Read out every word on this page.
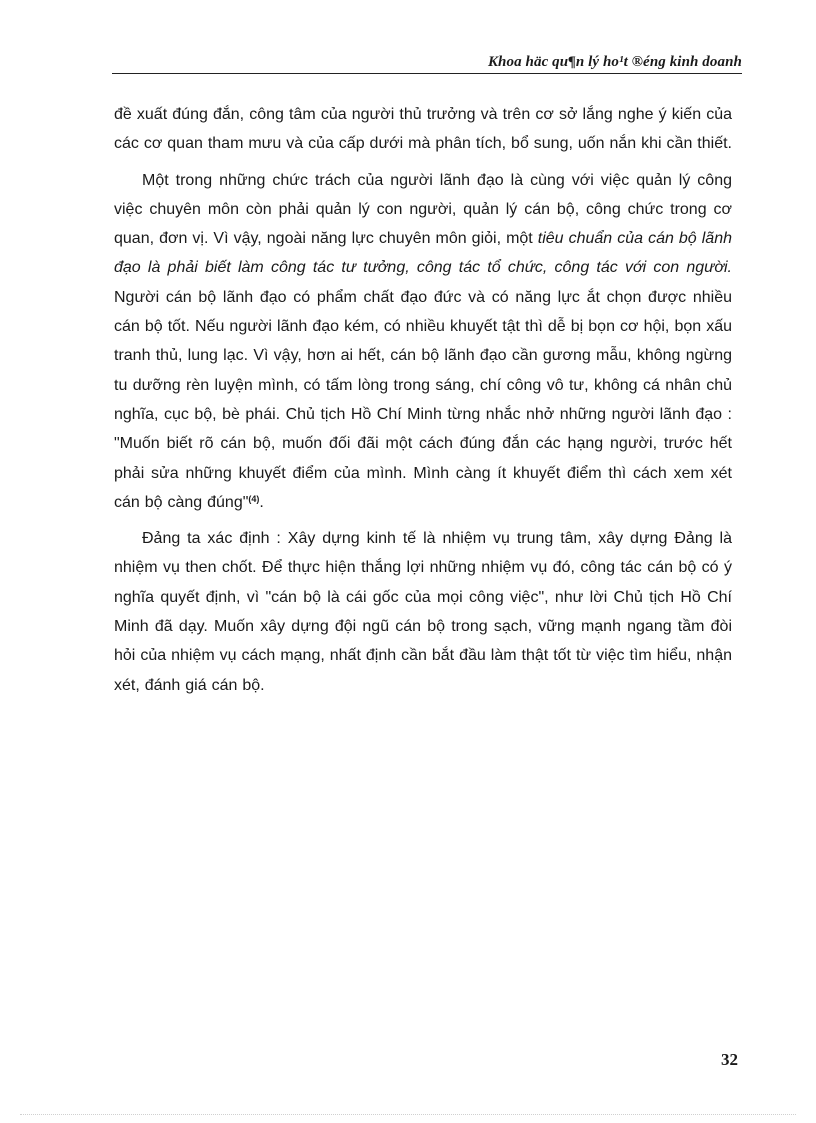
Khoa häc qu¶n lý ho¹t ®éng kinh doanh

đề xuất đúng đắn, công tâm của người thủ trưởng và trên cơ sở lắng nghe ý kiến của các cơ quan tham mưu và của cấp dưới mà phân tích, bổ sung, uốn nắn khi cần thiết.

Một trong những chức trách của người lãnh đạo là cùng với việc quản lý công việc chuyên môn còn phải quản lý con người, quản lý cán bộ, công chức trong cơ quan, đơn vị. Vì vậy, ngoài năng lực chuyên môn giỏi, một tiêu chuẩn của cán bộ lãnh đạo là phải biết làm công tác tư tưởng, công tác tổ chức, công tác với con người. Người cán bộ lãnh đạo có phẩm chất đạo đức và có năng lực ắt chọn được nhiều cán bộ tốt. Nếu người lãnh đạo kém, có nhiều khuyết tật thì dễ bị bọn cơ hội, bọn xấu tranh thủ, lung lạc. Vì vậy, hơn ai hết, cán bộ lãnh đạo cần gương mẫu, không ngừng tu dưỡng rèn luyện mình, có tấm lòng trong sáng, chí công vô tư, không cá nhân chủ nghĩa, cục bộ, bè phái. Chủ tịch Hồ Chí Minh từng nhắc nhở những người lãnh đạo : "Muốn biết rõ cán bộ, muốn đối đãi một cách đúng đắn các hạng người, trước hết phải sửa những khuyết điểm của mình. Mình càng ít khuyết điểm thì cách xem xét cán bộ càng đúng"$^{(4)}$.

Đảng ta xác định : Xây dựng kinh tế là nhiệm vụ trung tâm, xây dựng Đảng là nhiệm vụ then chốt. Để thực hiện thắng lợi những nhiệm vụ đó, công tác cán bộ có ý nghĩa quyết định, vì "cán bộ là cái gốc của mọi công việc", như lời Chủ tịch Hồ Chí Minh đã dạy. Muốn xây dựng đội ngũ cán bộ trong sạch, vững mạnh ngang tầm đòi hỏi của nhiệm vụ cách mạng, nhất định cần bắt đầu làm thật tốt từ việc tìm hiểu, nhận xét, đánh giá cán bộ.

32
